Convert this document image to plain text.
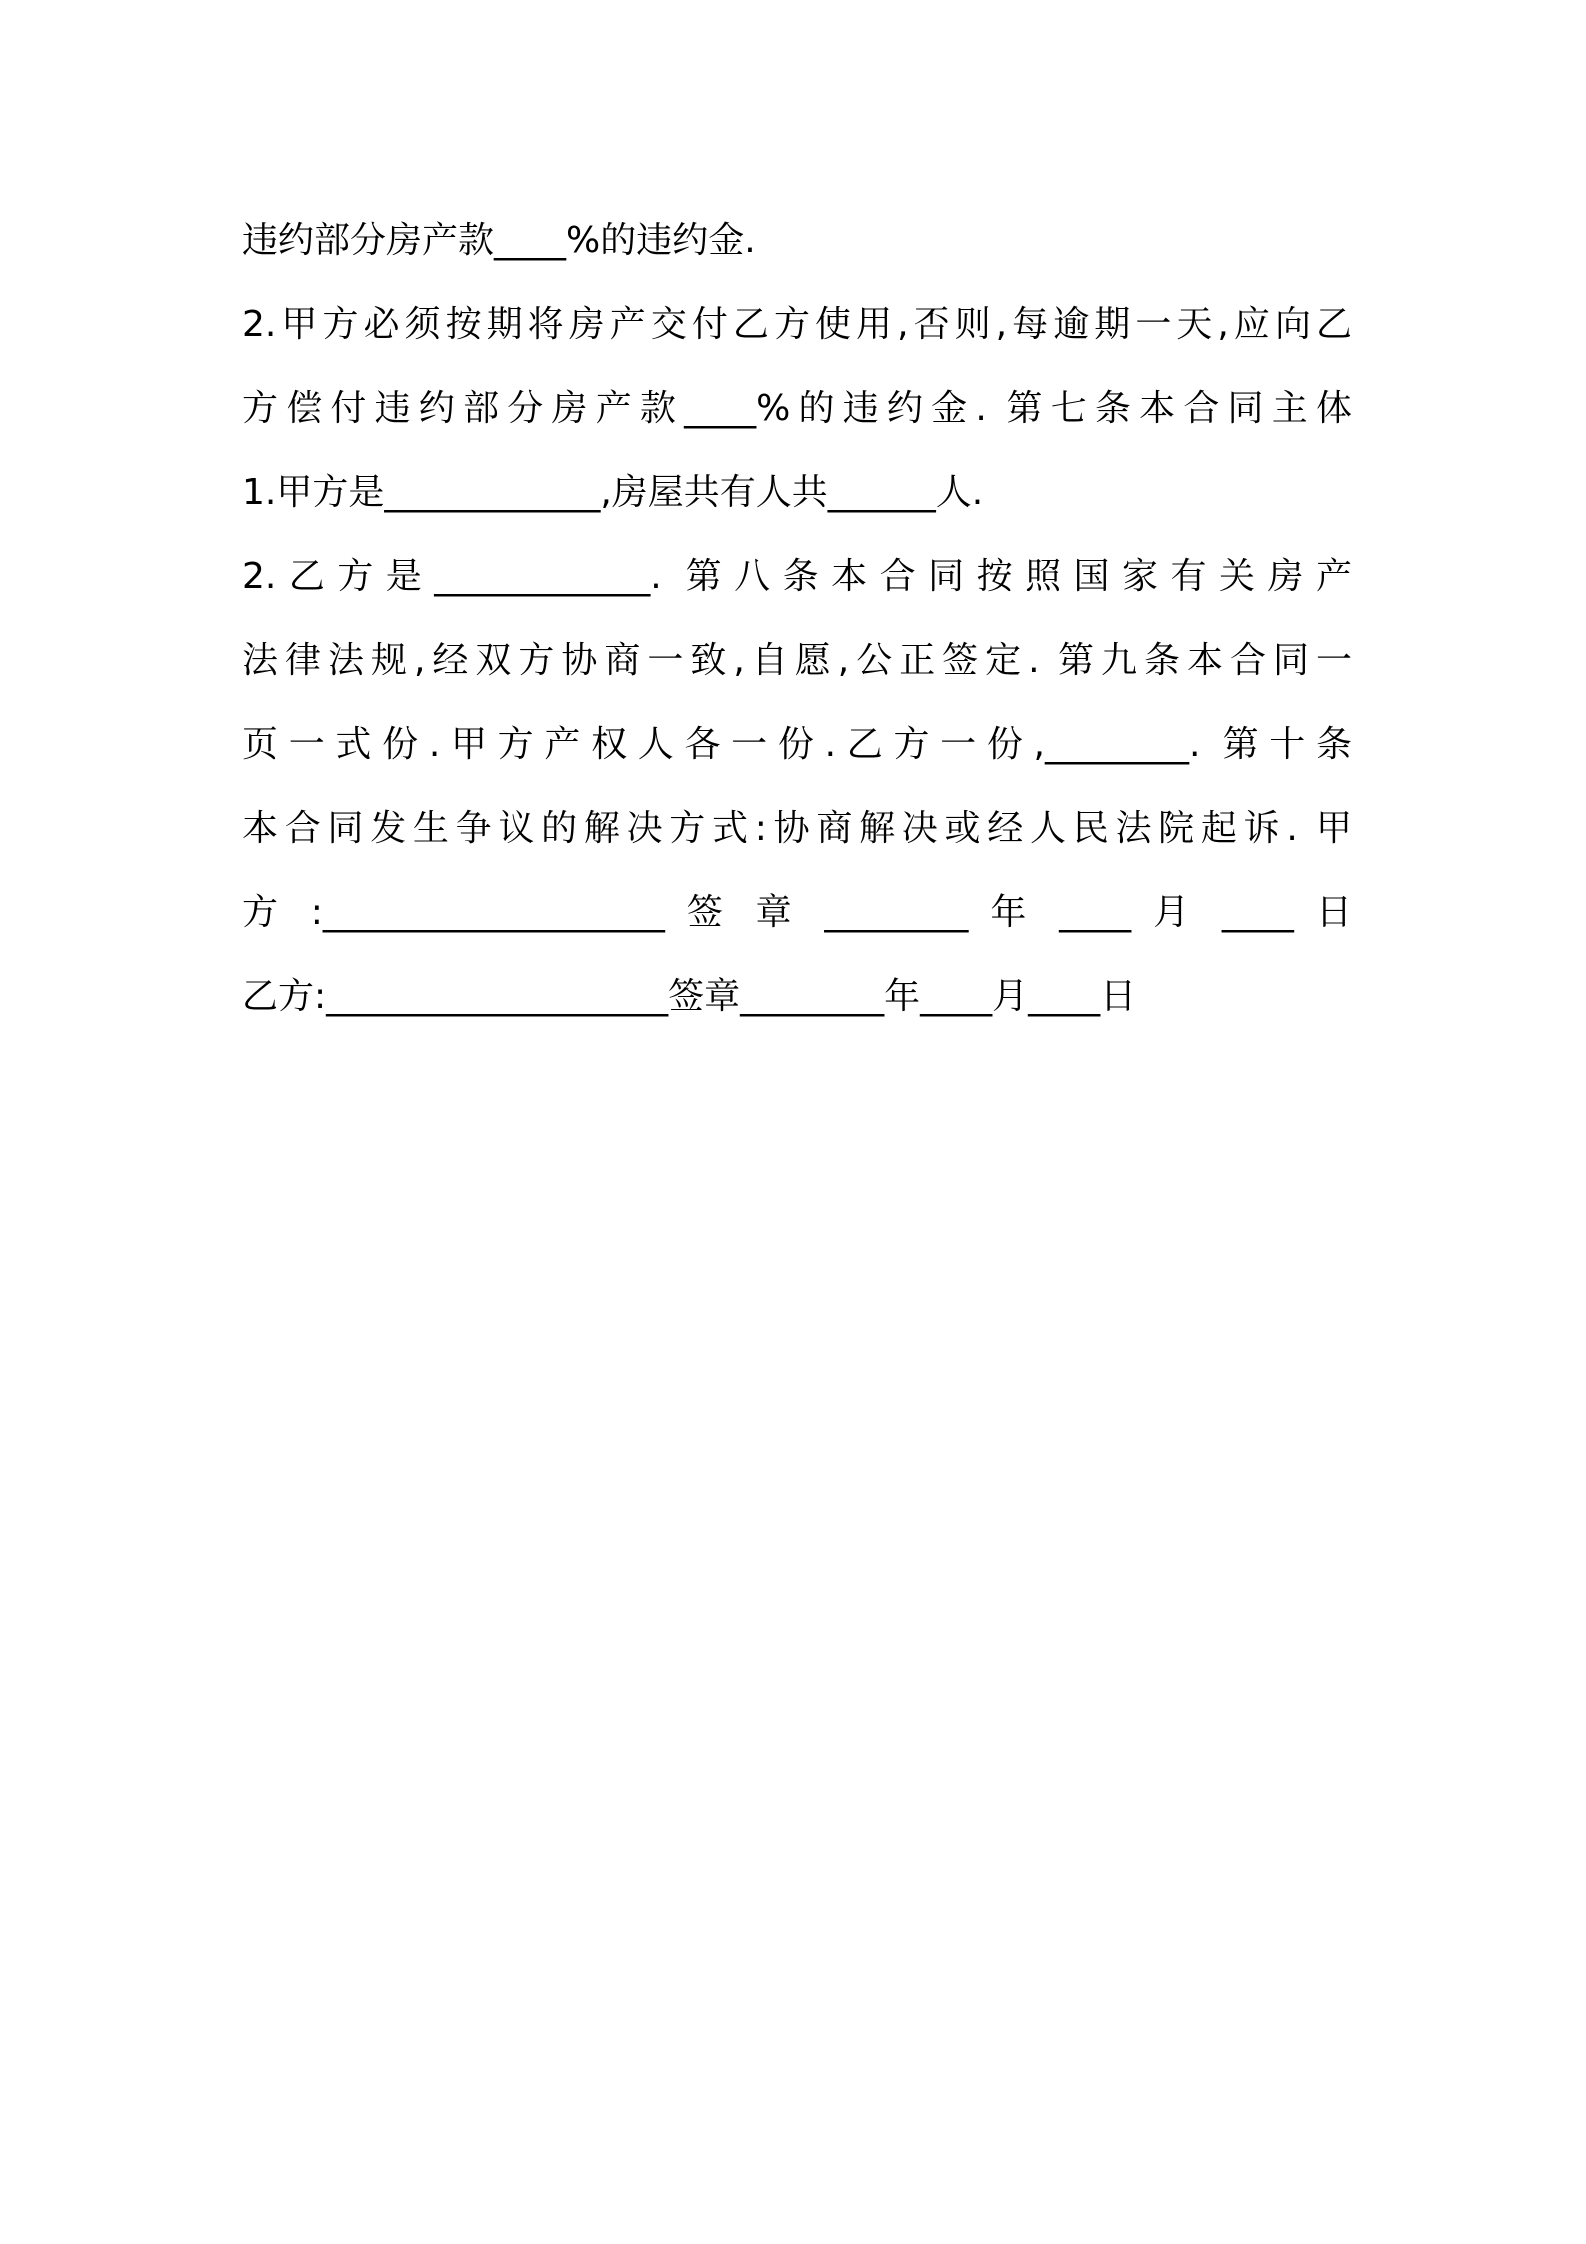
违约部分房产款____%的违约金.
2.甲方必须按期将房产交付乙方使用,否则,每逾期一天,应向乙
方偿付违约部分房产款____%的违约金. 第七条本合同主体
1.甲方是____________,房屋共有人共______人.
2.乙方是____________. 第八条本合同按照国家有关房产
法律法规,经双方协商一致,自愿,公正签定. 第九条本合同一
页一式份.甲方产权人各一份.乙方一份,________. 第十条
本合同发生争议的解决方式:协商解决或经人民法院起诉. 甲
方 :___________________ 签 章 ________ 年 ____ 月 ____ 日
乙方:___________________签章________年____月____日
